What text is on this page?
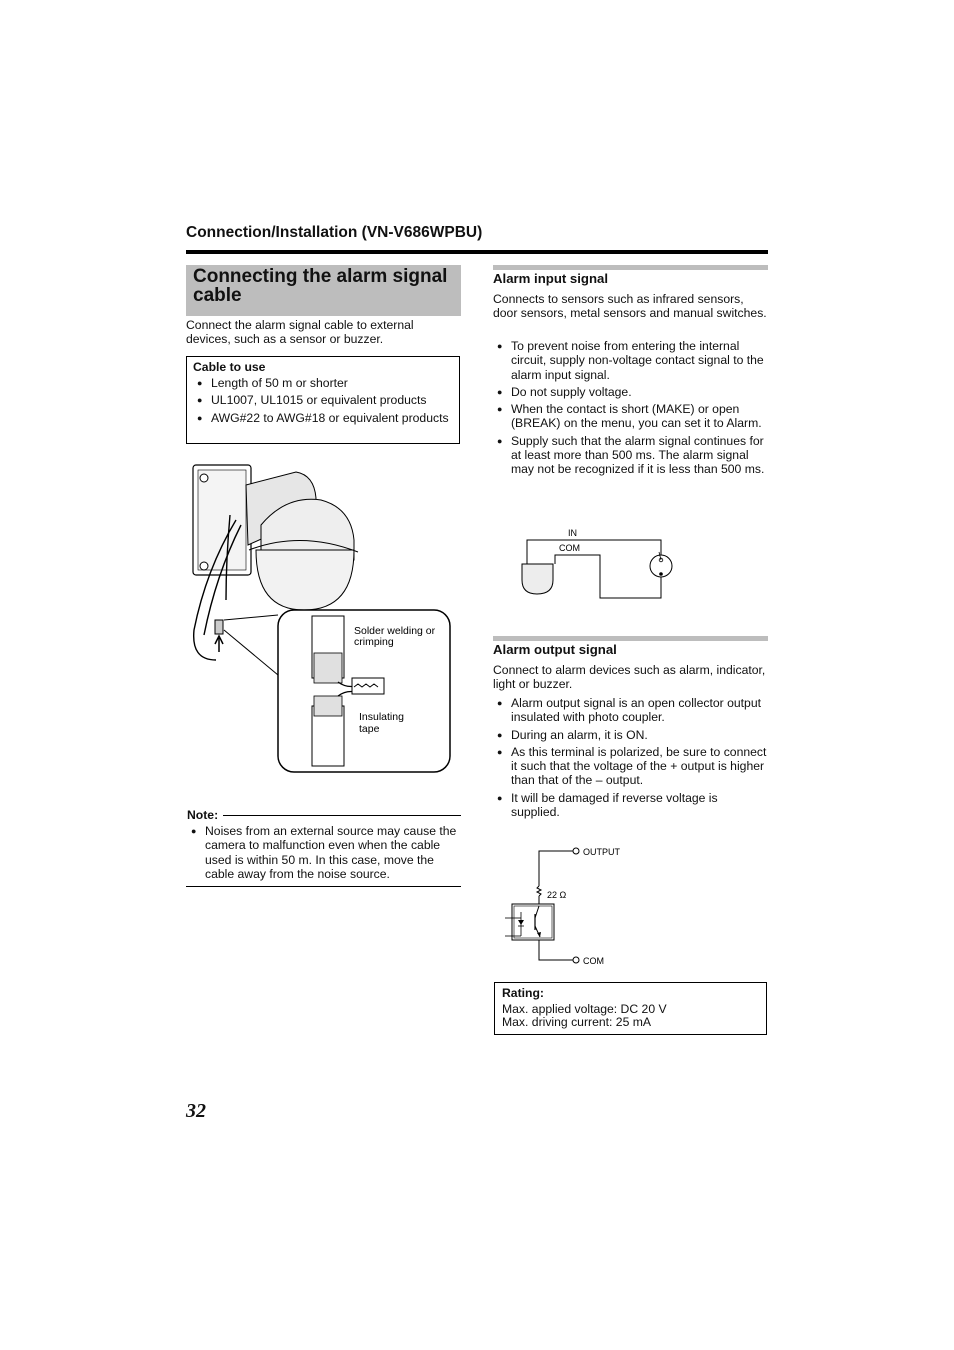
Connection/Installation (VN-V686WPBU)
Connecting the alarm signal cable
Connect the alarm signal cable to external devices, such as a sensor or buzzer.
Cable to use
● Length of 50 m or shorter
● UL1007, UL1015 or equivalent products
● AWG#22 to AWG#18 or equivalent products
Solder welding or
crimping
Insulating
tape
Note:
● Noises from an external source may cause the camera to malfunction even when the cable used is within 50 m. In this case, move the cable away from the noise source.
Alarm input signal
Connects to sensors such as infrared sensors, door sensors, metal sensors and manual switches.
● To prevent noise from entering the internal circuit, supply non-voltage contact signal to the alarm input signal.
● Do not supply voltage.
● When the contact is short (MAKE) or open (BREAK) on the menu, you can set it to Alarm.
● Supply such that the alarm signal continues for at least more than 500 ms. The alarm signal may not be recognized if it is less than 500 ms.
IN
COM
Alarm output signal
Connect to alarm devices such as alarm, indicator, light or buzzer.
● Alarm output signal is an open collector output insulated with photo coupler.
● During an alarm, it is ON.
● As this terminal is polarized, be sure to connect it such that the voltage of the + output is higher than that of the – output.
● It will be damaged if reverse voltage is supplied.
OUTPUT
22 Ω
COM
Rating:
Max. applied voltage: DC 20 V
Max. driving current: 25 mA
32
